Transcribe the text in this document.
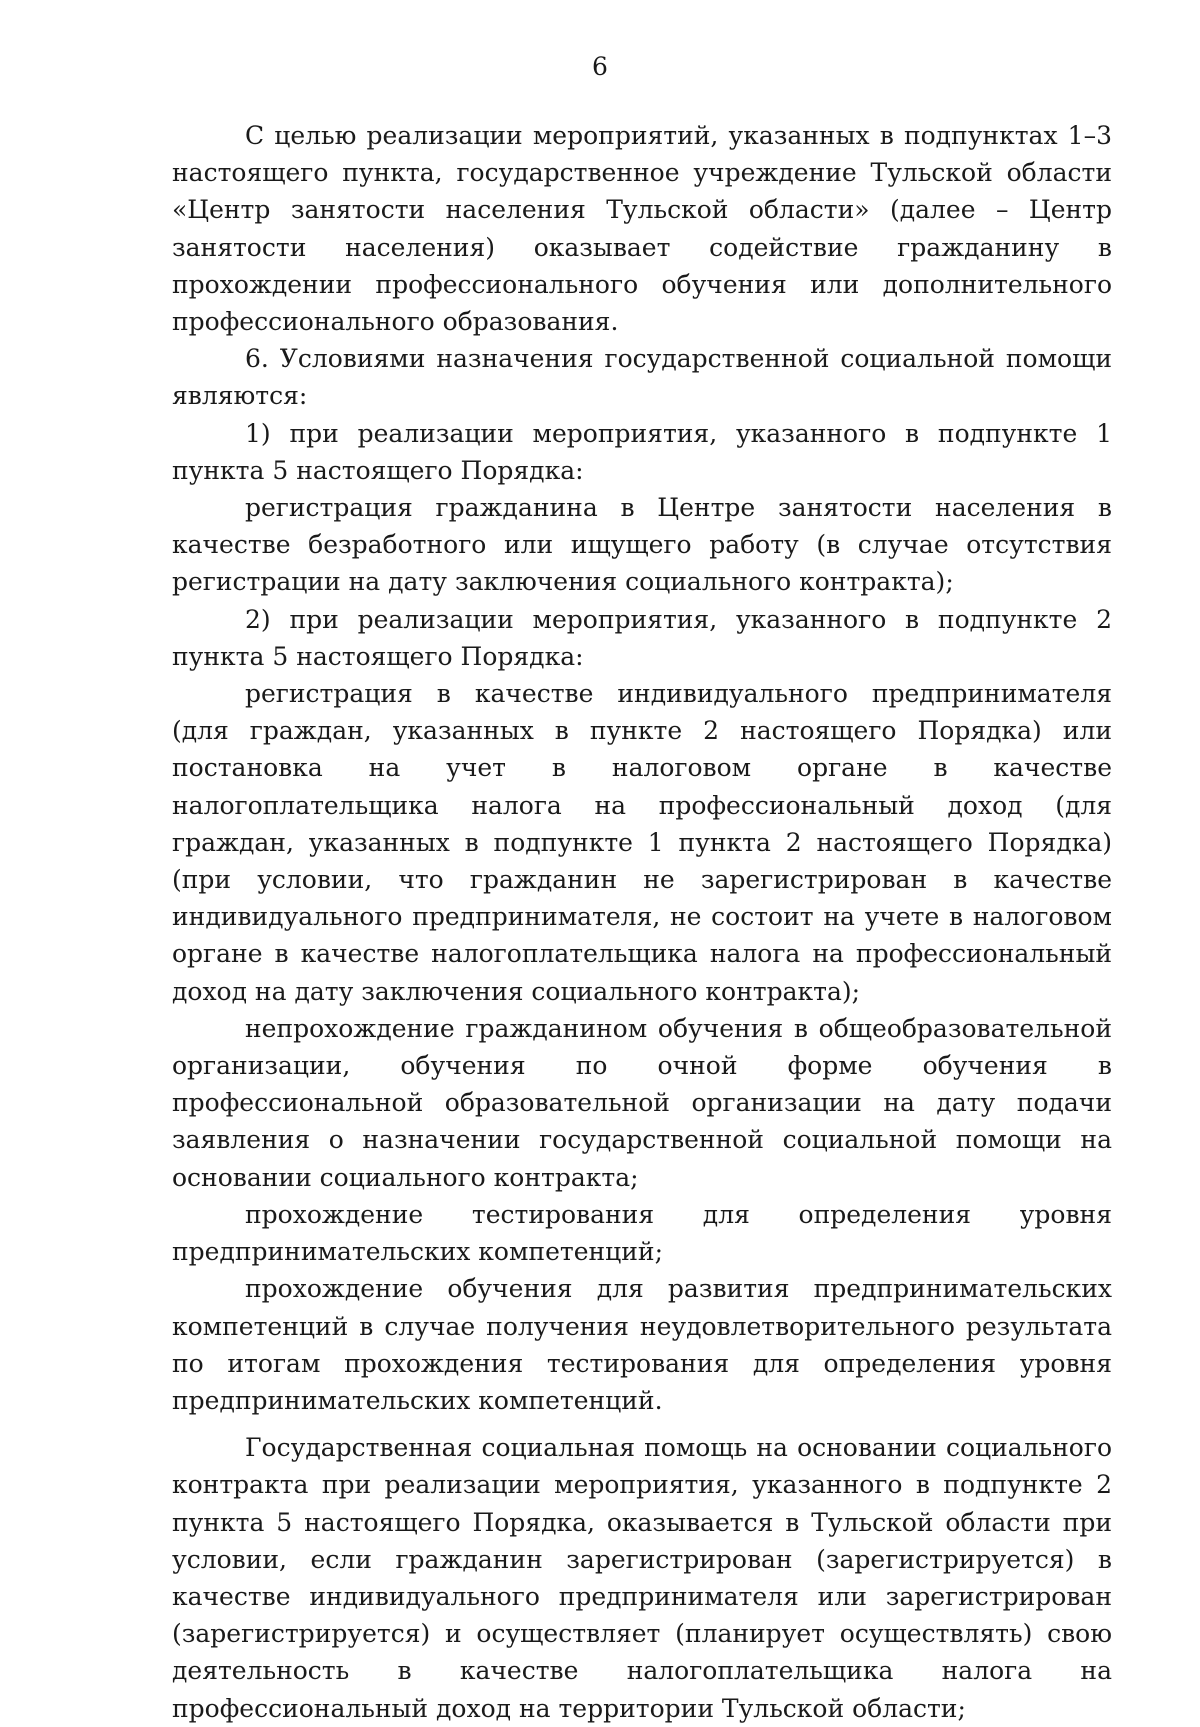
6

С целью реализации мероприятий, указанных в подпунктах 1–3 настоящего пункта, государственное учреждение Тульской области «Центр занятости населения Тульской области» (далее – Центр занятости населения) оказывает содействие гражданину в прохождении профессионального обучения или дополнительного профессионального образования.

6. Условиями назначения государственной социальной помощи являются:

1) при реализации мероприятия, указанного в подпункте 1 пункта 5 настоящего Порядка:

регистрация гражданина в Центре занятости населения в качестве безработного или ищущего работу (в случае отсутствия регистрации на дату заключения социального контракта);

2) при реализации мероприятия, указанного в подпункте 2 пункта 5 настоящего Порядка:

регистрация в качестве индивидуального предпринимателя (для граждан, указанных в пункте 2 настоящего Порядка) или постановка на учет в налоговом органе в качестве налогоплательщика налога на профессиональный доход (для граждан, указанных в подпункте 1 пункта 2 настоящего Порядка) (при условии, что гражданин не зарегистрирован в качестве индивидуального предпринимателя, не состоит на учете в налоговом органе в качестве налогоплательщика налога на профессиональный доход на дату заключения социального контракта);

непрохождение гражданином обучения в общеобразовательной организации, обучения по очной форме обучения в профессиональной образовательной организации на дату подачи заявления о назначении государственной социальной помощи на основании социального контракта;

прохождение тестирования для определения уровня предпринимательских компетенций;

прохождение обучения для развития предпринимательских компетенций в случае получения неудовлетворительного результата по итогам прохождения тестирования для определения уровня предпринимательских компетенций.

Государственная социальная помощь на основании социального контракта при реализации мероприятия, указанного в подпункте 2 пункта 5 настоящего Порядка, оказывается в Тульской области при условии, если гражданин зарегистрирован (зарегистрируется) в качестве индивидуального предпринимателя или зарегистрирован (зарегистрируется) и осуществляет (планирует осуществлять) свою деятельность в качестве налогоплательщика налога на профессиональный доход на территории Тульской области;
